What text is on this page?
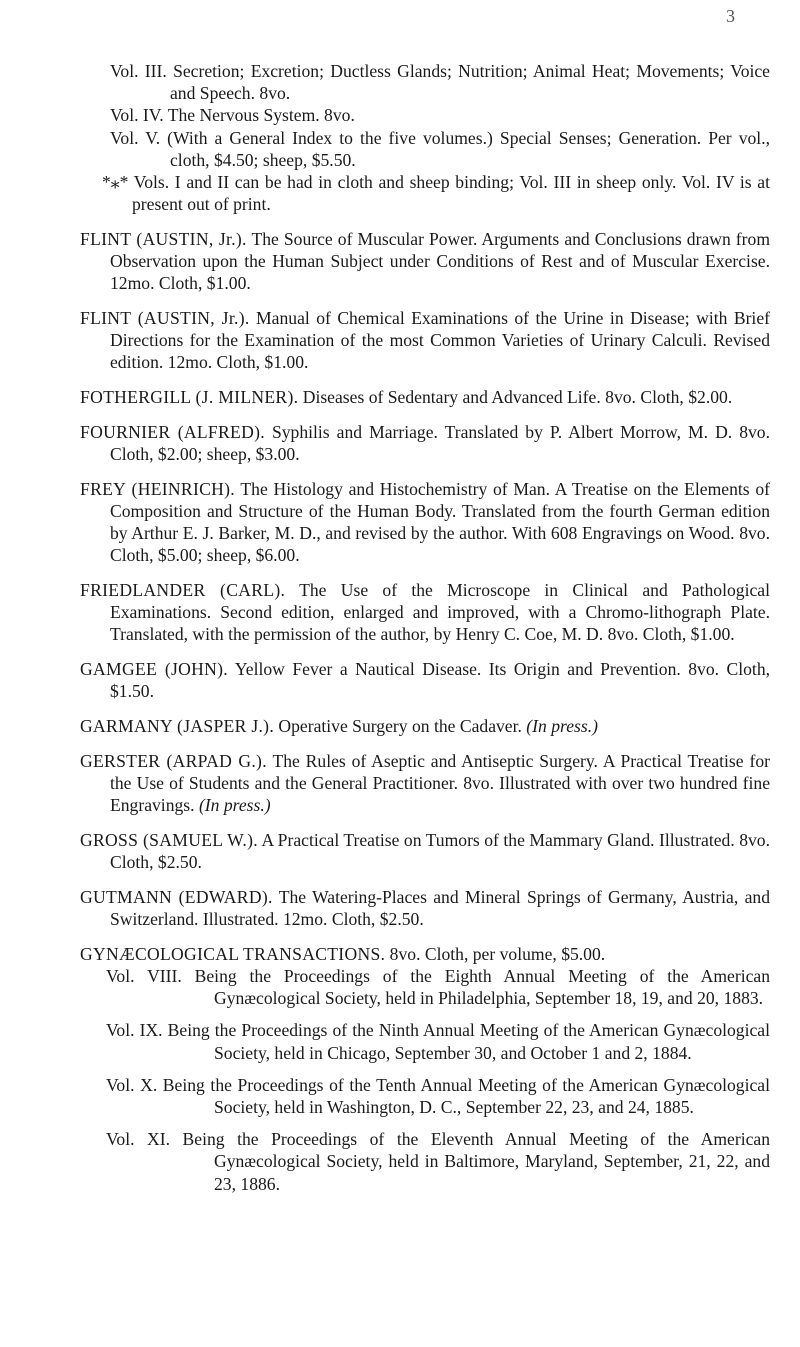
3

Vol. III. Secretion; Excretion; Ductless Glands; Nutrition; Animal Heat; Movements; Voice and Speech. 8vo.

Vol. IV. The Nervous System. 8vo.

Vol. V. (With a General Index to the five volumes.) Special Senses; Generation. Per vol., cloth, $4.50; sheep, $5.50.

*⁎* Vols. I and II can be had in cloth and sheep binding; Vol. III in sheep only. Vol. IV is at present out of print.

FLINT (AUSTIN, Jr.). The Source of Muscular Power. Arguments and Conclusions drawn from Observation upon the Human Subject under Conditions of Rest and of Muscular Exercise. 12mo. Cloth, $1.00.

FLINT (AUSTIN, Jr.). Manual of Chemical Examinations of the Urine in Disease; with Brief Directions for the Examination of the most Common Varieties of Urinary Calculi. Revised edition. 12mo. Cloth, $1.00.

FOTHERGILL (J. MILNER). Diseases of Sedentary and Advanced Life. 8vo. Cloth, $2.00.

FOURNIER (ALFRED). Syphilis and Marriage. Translated by P. Albert Morrow, M. D. 8vo. Cloth, $2.00; sheep, $3.00.

FREY (HEINRICH). The Histology and Histochemistry of Man. A Treatise on the Elements of Composition and Structure of the Human Body. Translated from the fourth German edition by Arthur E. J. Barker, M. D., and revised by the author. With 608 Engravings on Wood. 8vo. Cloth, $5.00; sheep, $6.00.

FRIEDLANDER (CARL). The Use of the Microscope in Clinical and Pathological Examinations. Second edition, enlarged and improved, with a Chromo-lithograph Plate. Translated, with the permission of the author, by Henry C. Coe, M. D. 8vo. Cloth, $1.00.

GAMGEE (JOHN). Yellow Fever a Nautical Disease. Its Origin and Prevention. 8vo. Cloth, $1.50.

GARMANY (JASPER J.). Operative Surgery on the Cadaver. (In press.)

GERSTER (ARPAD G.). The Rules of Aseptic and Antiseptic Surgery. A Practical Treatise for the Use of Students and the General Practitioner. 8vo. Illustrated with over two hundred fine Engravings. (In press.)

GROSS (SAMUEL W.). A Practical Treatise on Tumors of the Mammary Gland. Illustrated. 8vo. Cloth, $2.50.

GUTMANN (EDWARD). The Watering-Places and Mineral Springs of Germany, Austria, and Switzerland. Illustrated. 12mo. Cloth, $2.50.

GYNÆCOLOGICAL TRANSACTIONS. 8vo. Cloth, per volume, $5.00.

Vol. VIII. Being the Proceedings of the Eighth Annual Meeting of the American Gynæcological Society, held in Philadelphia, September 18, 19, and 20, 1883.

Vol. IX. Being the Proceedings of the Ninth Annual Meeting of the American Gynæcological Society, held in Chicago, September 30, and October 1 and 2, 1884.

Vol. X. Being the Proceedings of the Tenth Annual Meeting of the American Gynæcological Society, held in Washington, D. C., September 22, 23, and 24, 1885.

Vol. XI. Being the Proceedings of the Eleventh Annual Meeting of the American Gynæcological Society, held in Baltimore, Maryland, September, 21, 22, and 23, 1886.
